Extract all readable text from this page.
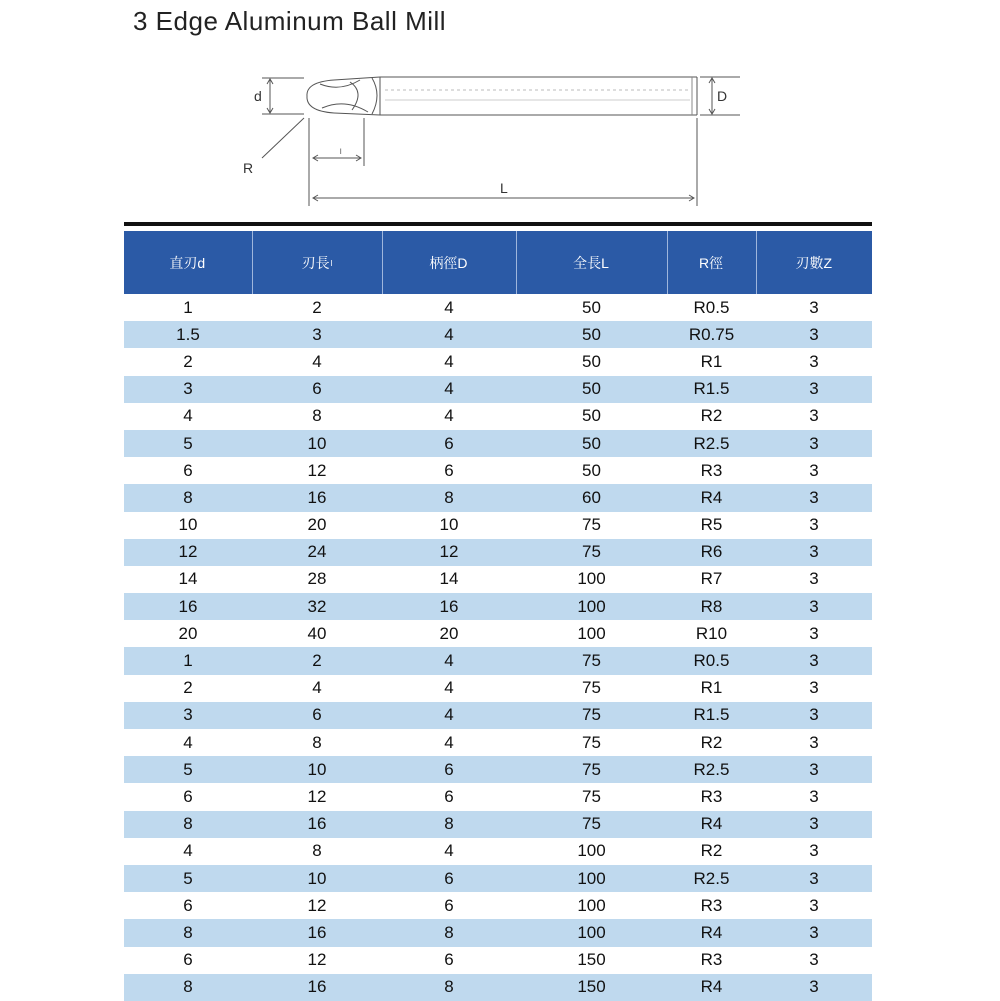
3 Edge Aluminum Ball Mill
d	D
R
l
L
直刃d	刃長l	柄徑D	全長L	R徑	刃數Z
1	2	4	50	R0.5	3
1.5	3	4	50	R0.75	3
2	4	4	50	R1	3
3	6	4	50	R1.5	3
4	8	4	50	R2	3
5	10	6	50	R2.5	3
6	12	6	50	R3	3
8	16	8	60	R4	3
10	20	10	75	R5	3
12	24	12	75	R6	3
14	28	14	100	R7	3
16	32	16	100	R8	3
20	40	20	100	R10	3
1	2	4	75	R0.5	3
2	4	4	75	R1	3
3	6	4	75	R1.5	3
4	8	4	75	R2	3
5	10	6	75	R2.5	3
6	12	6	75	R3	3
8	16	8	75	R4	3
4	8	4	100	R2	3
5	10	6	100	R2.5	3
6	12	6	100	R3	3
8	16	8	100	R4	3
6	12	6	150	R3	3
8	16	8	150	R4	3
